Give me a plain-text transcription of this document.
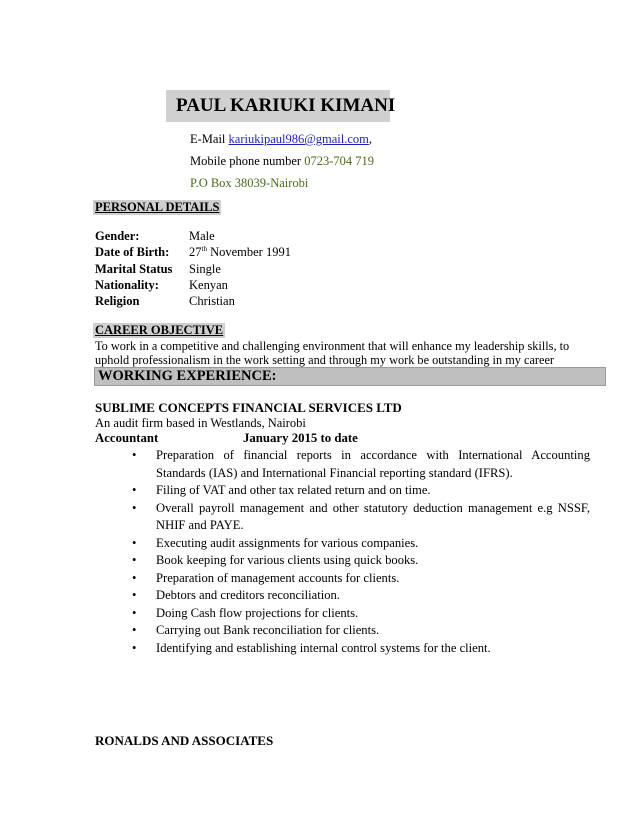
PAUL KARIUKI KIMANI
E-Mail kariukipaul986@gmail.com,
Mobile phone number 0723-704 719
P.O Box 38039-Nairobi
PERSONAL DETAILS
Gender:	Male
Date of Birth: 27th November 1991
Marital Status Single
Nationality: Kenyan
Religion	Christian
CAREER OBJECTIVE
To work in a competitive and challenging environment that will enhance my leadership skills, to uphold professionalism in the work setting and through my work be outstanding in my career
WORKING EXPERIENCE:
SUBLIME CONCEPTS FINANCIAL SERVICES LTD
An audit firm based in Westlands, Nairobi
Accountant	January 2015 to date
• Preparation of financial reports in accordance with International Accounting Standards (IAS) and International Financial reporting standard (IFRS).
• Filing of VAT and other tax related return and on time.
• Overall payroll management and other statutory deduction management e.g NSSF, NHIF and PAYE.
• Executing audit assignments for various companies.
• Book keeping for various clients using quick books.
• Preparation of management accounts for clients.
• Debtors and creditors reconciliation.
• Doing Cash flow projections for clients.
• Carrying out Bank reconciliation for clients.
• Identifying and establishing internal control systems for the client.
RONALDS AND ASSOCIATES
